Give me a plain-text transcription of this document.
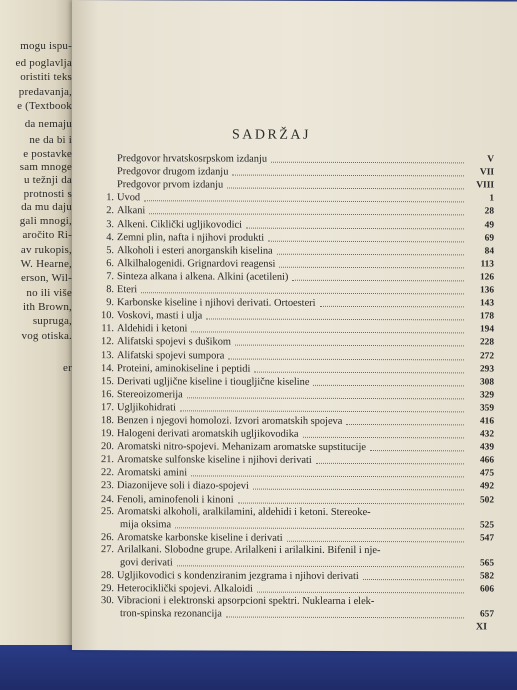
mogu ispu-
ed poglavlja
oristiti teks
predavanja,
e (Textbook
da nemaju
ne da bi i
e postavke
sam mnoge
u težnji da
protnosti s
da mu daju
gali mnogi,
aročito Ri-
av rukopis,
W. Hearne,
erson, Wil-
no ili više
ith Brown,
supruga,
vog otiska.
er
SADRŽAJ
Predgovor hrvatskosrpskom izdanju	V
Predgovor drugom izdanju	VII
Predgovor prvom izdanju	VIII
1. Uvod	1
2. Alkani	28
3. Alkeni. Ciklički ugljikovodici	49
4. Zemni plin, nafta i njihovi produkti	69
5. Alkoholi i esteri anorganskih kiselina	84
6. Alkilhalogenidi. Grignardovi reagensi	113
7. Sinteza alkana i alkena. Alkini (acetileni)	126
8. Eteri	136
9. Karbonske kiseline i njihovi derivati. Ortoesteri	143
10. Voskovi, masti i ulja	178
11. Aldehidi i ketoni	194
12. Alifatski spojevi s dušikom	228
13. Alifatski spojevi sumpora	272
14. Proteini, aminokiseline i peptidi	293
15. Derivati ugljične kiseline i tiougljične kiseline	308
16. Stereoizomerija	329
17. Ugljikohidrati	359
18. Benzen i njegovi homolozi. Izvori aromatskih spojeva	416
19. Halogeni derivati aromatskih ugljikovodika	432
20. Aromatski nitro-spojevi. Mehanizam aromatske supstitucije	439
21. Aromatske sulfonske kiseline i njihovi derivati	466
22. Aromatski amini	475
23. Diazonijeve soli i diazo-spojevi	492
24. Fenoli, aminofenoli i kinoni	502
25. Aromatski alkoholi, aralkilamini, aldehidi i ketoni. Stereoke-
mija oksima	525
26. Aromatske karbonske kiseline i derivati	547
27. Arilalkani. Slobodne grupe. Arilalkeni i arilalkini. Bifenil i nje-
govi derivati	565
28. Ugljikovodici s kondenziranim jezgrama i njihovi derivati	582
29. Heterociklički spojevi. Alkaloidi	606
30. Vibracioni i elektronski apsorpcioni spektri. Nuklearna i elek-
tron-spinska rezonancija	657
XI
